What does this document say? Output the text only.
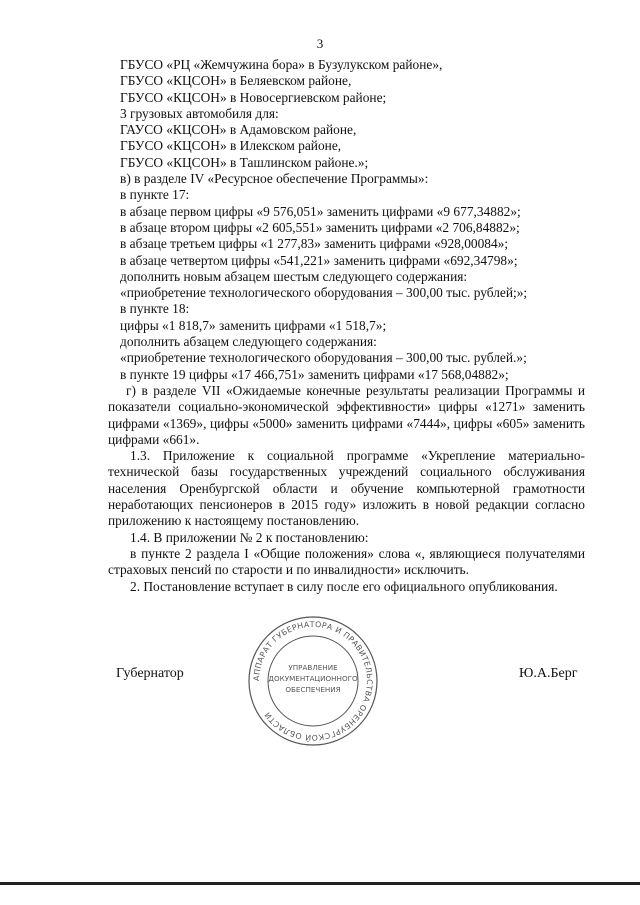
3

ГБУСО «РЦ «Жемчужина бора» в Бузулукском районе»,

ГБУСО «КЦСОН» в Беляевском районе,

ГБУСО «КЦСОН» в Новосергиевском районе;

3 грузовых автомобиля для:

ГАУСО «КЦСОН» в Адамовском районе,

ГБУСО «КЦСОН» в Илекском районе,

ГБУСО «КЦСОН» в Ташлинском районе.»;

в) в разделе IV «Ресурсное обеспечение Программы»:

в пункте 17:

в абзаце первом цифры «9 576,051» заменить цифрами «9 677,34882»;

в абзаце втором цифры «2 605,551» заменить цифрами «2 706,84882»;

в абзаце третьем цифры «1 277,83» заменить цифрами «928,00084»;

в абзаце четвертом цифры «541,221» заменить цифрами «692,34798»;

дополнить новым абзацем шестым следующего содержания:

«приобретение технологического оборудования – 300,00 тыс. рублей;»;

в пункте 18:

цифры «1 818,7» заменить цифрами «1 518,7»;

дополнить абзацем следующего содержания:

«приобретение технологического оборудования – 300,00 тыс. рублей.»;

в пункте 19 цифры «17 466,751» заменить цифрами «17 568,04882»;

г) в разделе VII «Ожидаемые конечные результаты реализации Программы и показатели социально-экономической эффективности» цифры «1271» заменить цифрами «1369», цифры «5000» заменить цифрами «7444», цифры «605» заменить цифрами «661».

1.3. Приложение к социальной программе «Укрепление материально-технической базы государственных учреждений социального обслуживания населения Оренбургской области и обучение компьютерной грамотности неработающих пенсионеров в 2015 году» изложить в новой редакции согласно приложению к настоящему постановлению.

1.4. В приложении № 2 к постановлению:

в пункте 2 раздела I «Общие положения» слова «, являющиеся получателями страховых пенсий по старости и по инвалидности» исключить.

2. Постановление вступает в силу после его официального опубликования.

АППАРАТ ГУБЕРНАТОРА И ПРАВИТЕЛЬСТВА ОРЕНБУРГСКОЙ ОБЛАСТИ
УПРАВЛЕНИЕ
ДОКУМЕНТАЦИОННОГО
ОБЕСПЕЧЕНИЯ
Губернатор	Ю.А.Берг
